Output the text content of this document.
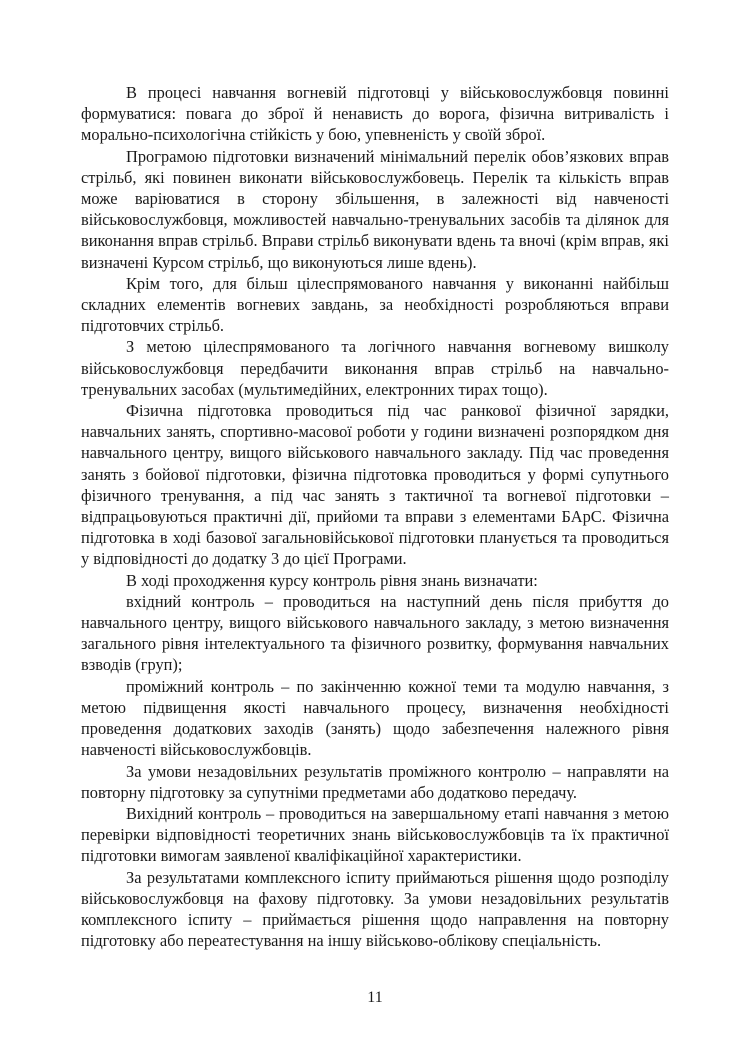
В процесі навчання вогневій підготовці у військовослужбовця повинні формуватися: повага до зброї й ненависть до ворога, фізична витривалість і морально-психологічна стійкість у бою, упевненість у своїй зброї.

Програмою підготовки визначений мінімальний перелік обов’язкових вправ стрільб, які повинен виконати військовослужбовець. Перелік та кількість вправ може варіюватися в сторону збільшення, в залежності від навченості військовослужбовця, можливостей навчально-тренувальних засобів та ділянок для виконання вправ стрільб. Вправи стрільб виконувати вдень та вночі (крім вправ, які визначені Курсом стрільб, що виконуються лише вдень).

Крім того, для більш цілеспрямованого навчання у виконанні найбільш складних елементів вогневих завдань, за необхідності розробляються вправи підготовчих стрільб.

З метою цілеспрямованого та логічного навчання вогневому вишколу військовослужбовця передбачити виконання вправ стрільб на навчально-тренувальних засобах (мультимедійних, електронних тирах тощо).

Фізична підготовка проводиться під час ранкової фізичної зарядки, навчальних занять, спортивно-масової роботи у години визначені розпорядком дня навчального центру, вищого військового навчального закладу. Під час проведення занять з бойової підготовки, фізична підготовка проводиться у формі супутнього фізичного тренування, а під час занять з тактичної та вогневої підготовки – відпрацьовуються практичні дії, прийоми та вправи з елементами БАрС. Фізична підготовка в ході базової загальновійськової підготовки планується та проводиться у відповідності до додатку 3 до цієї Програми.

В ході проходження курсу контроль рівня знань визначати:

вхідний контроль – проводиться на наступний день після прибуття до навчального центру, вищого військового навчального закладу, з метою визначення загального рівня інтелектуального та фізичного розвитку, формування навчальних взводів (груп);

проміжний контроль – по закінченню кожної теми та модулю навчання, з метою підвищення якості навчального процесу, визначення необхідності проведення додаткових заходів (занять) щодо забезпечення належного рівня навченості військовослужбовців.

За умови незадовільних результатів проміжного контролю – направляти на повторну підготовку за супутніми предметами або додатково передачу.

Вихідний контроль – проводиться на завершальному етапі навчання з метою перевірки відповідності теоретичних знань військовослужбовців та їх практичної підготовки вимогам заявленої кваліфікаційної характеристики.

За результатами комплексного іспиту приймаються рішення щодо розподілу військовослужбовця на фахову підготовку. За умови незадовільних результатів комплексного іспиту – приймається рішення щодо направлення на повторну підготовку або переатестування на іншу військово-облікову спеціальність.

11
